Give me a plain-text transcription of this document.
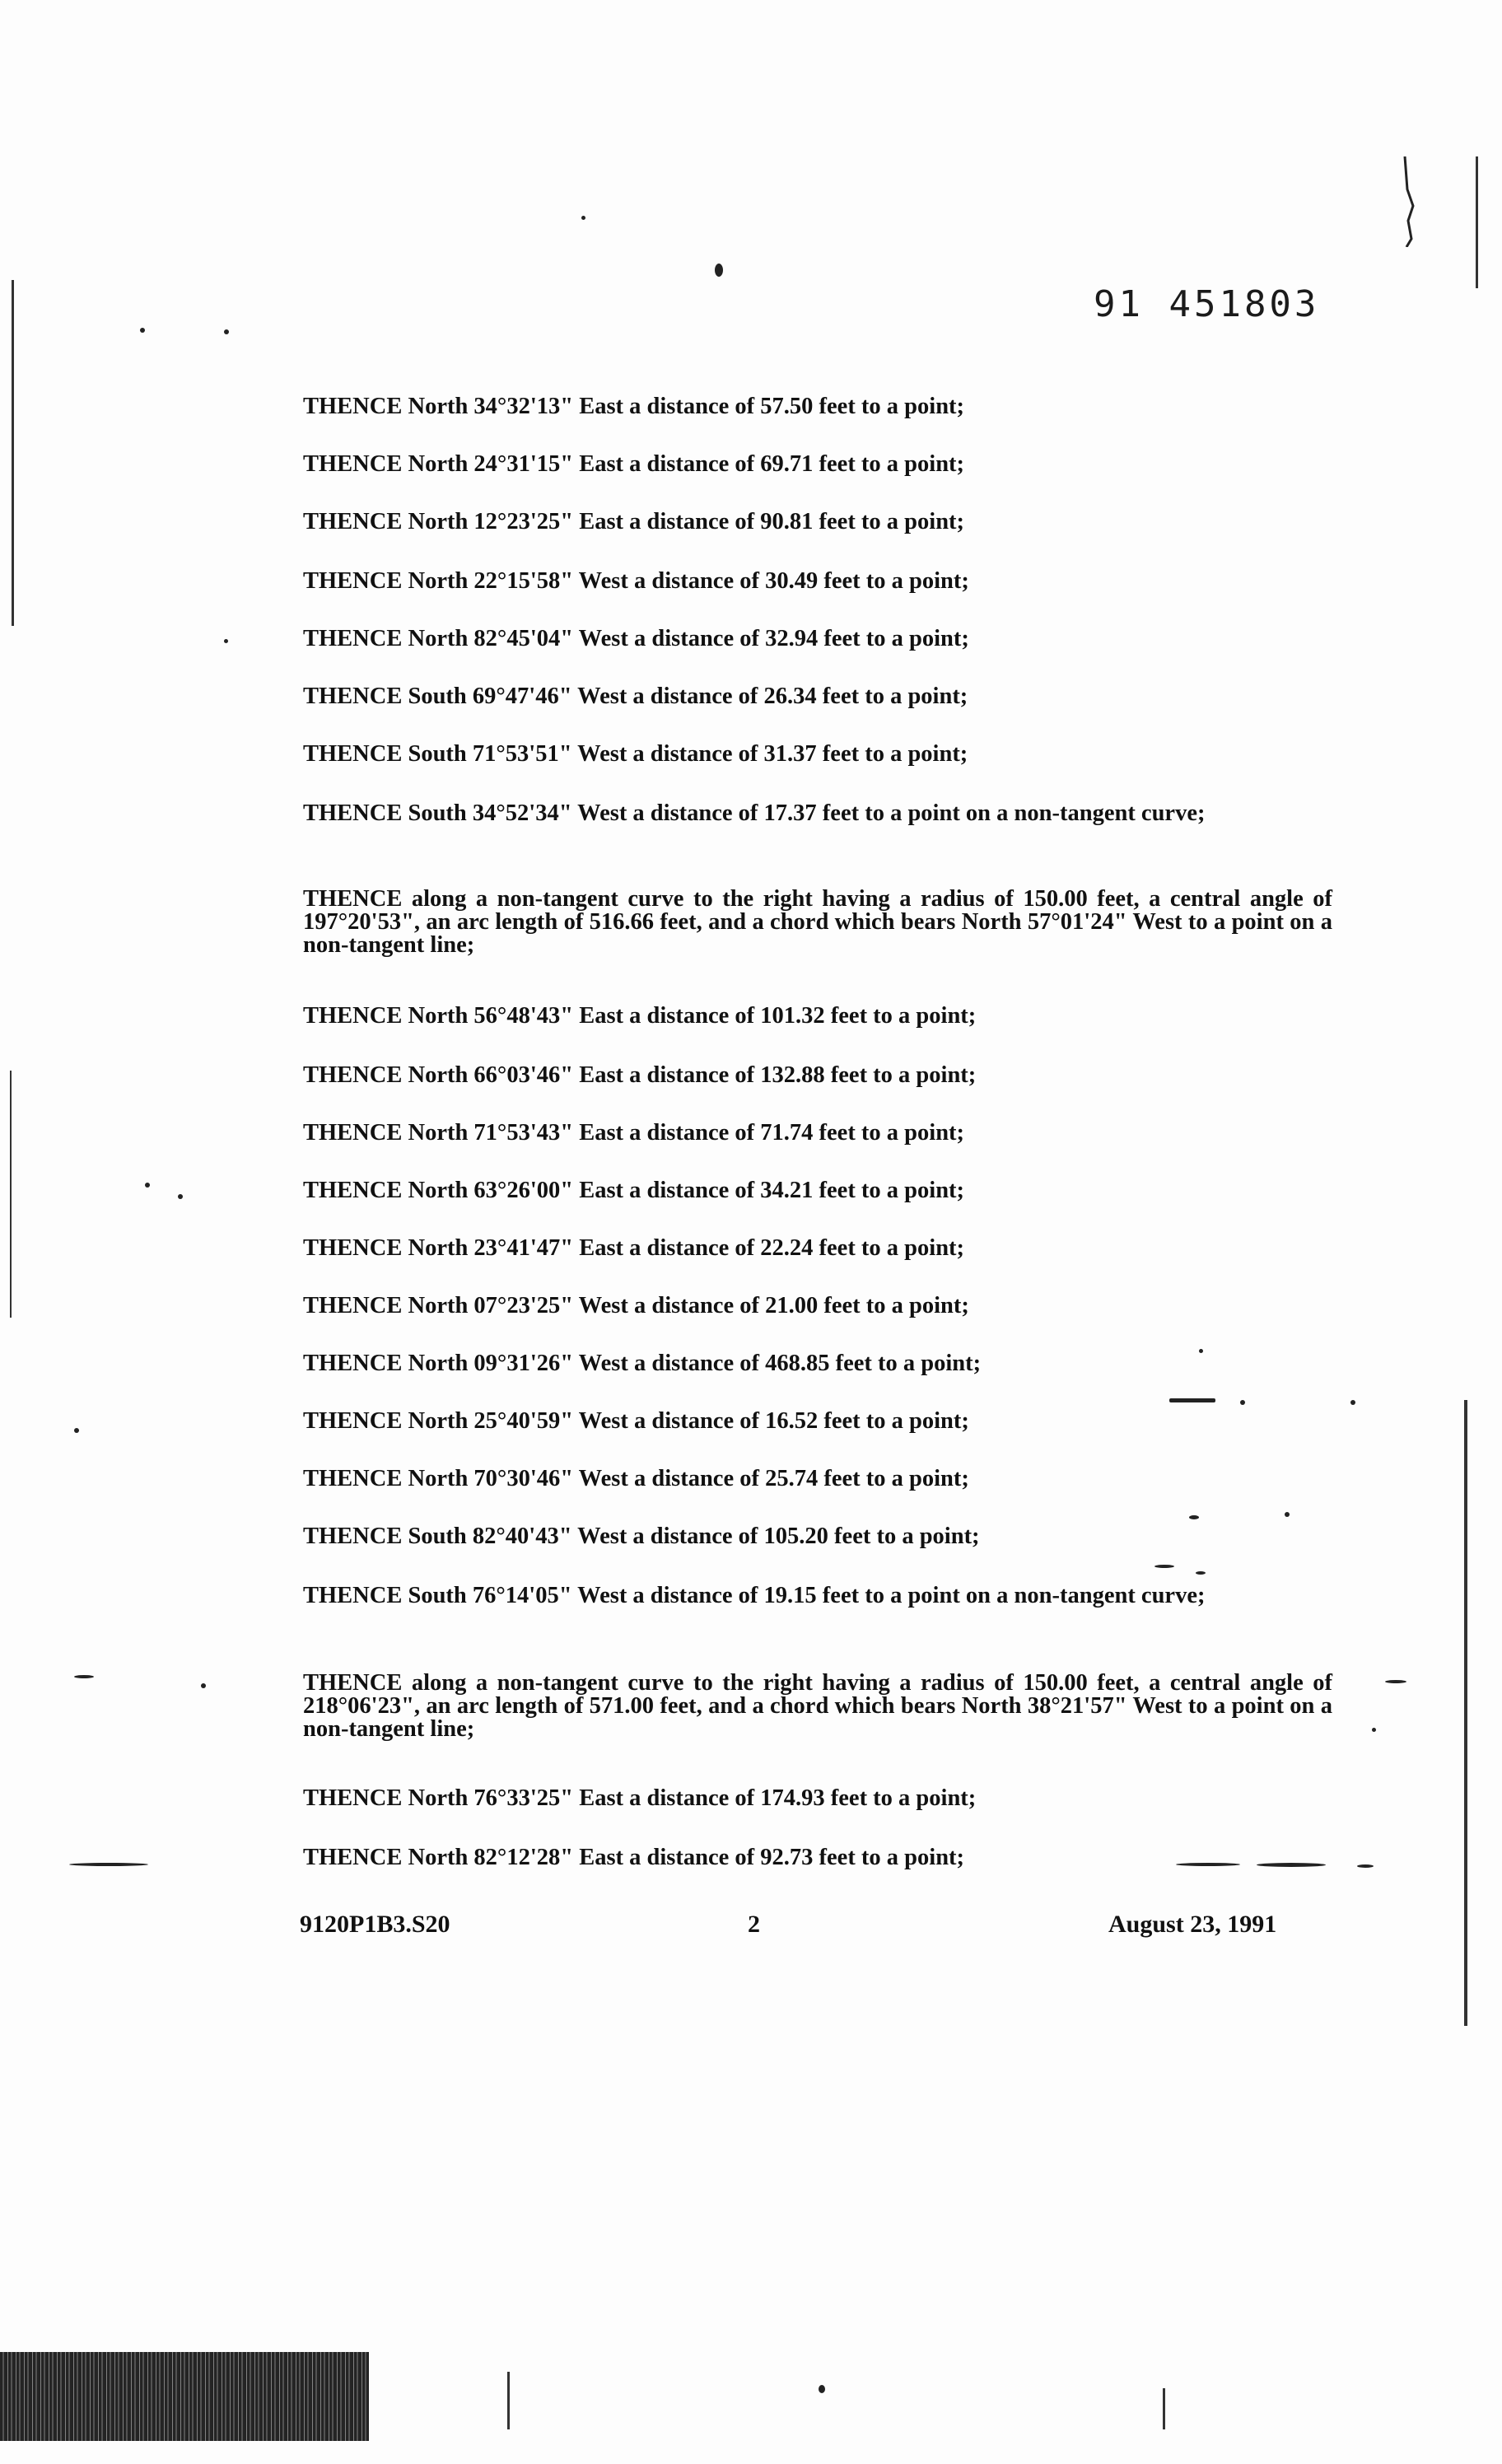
91 451803
THENCE North 34°32'13" East a distance of 57.50 feet to a point;
THENCE North 24°31'15" East a distance of 69.71 feet to a point;
THENCE North 12°23'25" East a distance of 90.81 feet to a point;
THENCE North 22°15'58" West a distance of 30.49 feet to a point;
THENCE North 82°45'04" West a distance of 32.94 feet to a point;
THENCE South 69°47'46" West a distance of 26.34 feet to a point;
THENCE South 71°53'51" West a distance of 31.37 feet to a point;
THENCE South 34°52'34" West a distance of 17.37 feet to a point on a non-tangent curve;
THENCE along a non-tangent curve to the right having a radius of 150.00 feet, a central angle of 197°20'53", an arc length of 516.66 feet, and a chord which bears North 57°01'24" West to a point on a non-tangent line;
THENCE North 56°48'43" East a distance of 101.32 feet to a point;
THENCE North 66°03'46" East a distance of 132.88 feet to a point;
THENCE North 71°53'43" East a distance of 71.74 feet to a point;
THENCE North 63°26'00" East a distance of 34.21 feet to a point;
THENCE North 23°41'47" East a distance of 22.24 feet to a point;
THENCE North 07°23'25" West a distance of 21.00 feet to a point;
THENCE North 09°31'26" West a distance of 468.85 feet to a point;
THENCE North 25°40'59" West a distance of 16.52 feet to a point;
THENCE North 70°30'46" West a distance of 25.74 feet to a point;
THENCE South 82°40'43" West a distance of 105.20 feet to a point;
THENCE South 76°14'05" West a distance of 19.15 feet to a point on a non-tangent curve;
THENCE along a non-tangent curve to the right having a radius of 150.00 feet, a central angle of 218°06'23", an arc length of 571.00 feet, and a chord which bears North 38°21'57" West to a point on a non-tangent line;
THENCE North 76°33'25" East a distance of 174.93 feet to a point;
THENCE North 82°12'28" East a distance of 92.73 feet to a point;
9120P1B3.S20	2	August 23, 1991
